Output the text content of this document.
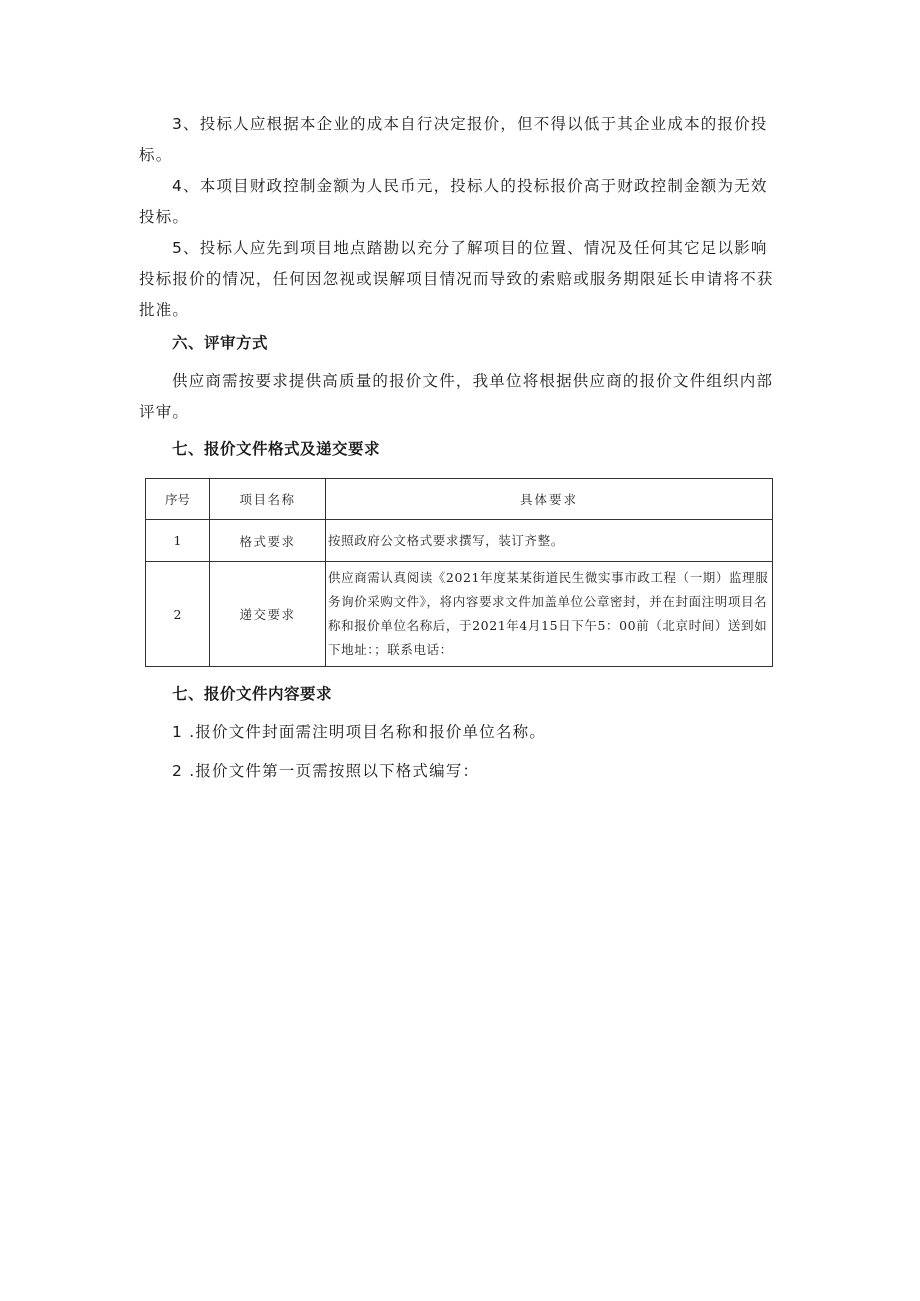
3、投标人应根据本企业的成本自行决定报价，但不得以低于其企业成本的报价投标。

4、本项目财政控制金额为人民币元，投标人的投标报价高于财政控制金额为无效投标。

5、投标人应先到项目地点踏勘以充分了解项目的位置、情况及任何其它足以影响投标报价的情况，任何因忽视或误解项目情况而导致的索赔或服务期限延长申请将不获批准。

六、评审方式

供应商需按要求提供高质量的报价文件，我单位将根据供应商的报价文件组织内部评审。

七、报价文件格式及递交要求
序号	项目名称	具体要求
1	格式要求	按照政府公文格式要求撰写，装订齐整。

2	递交要求	供应商需认真阅读《2021年度某某街道民生微实事市政工程（一期）监理服务询价采购文件》，将内容要求文件加盖单位公章密封，并在封面注明项目名称和报价单位名称后，于2021年4月15日下午5：00前（北京时间）送到如下地址：；联系电话：
七、报价文件内容要求

1 .报价文件封面需注明项目名称和报价单位名称。

2 .报价文件第一页需按照以下格式编写：
